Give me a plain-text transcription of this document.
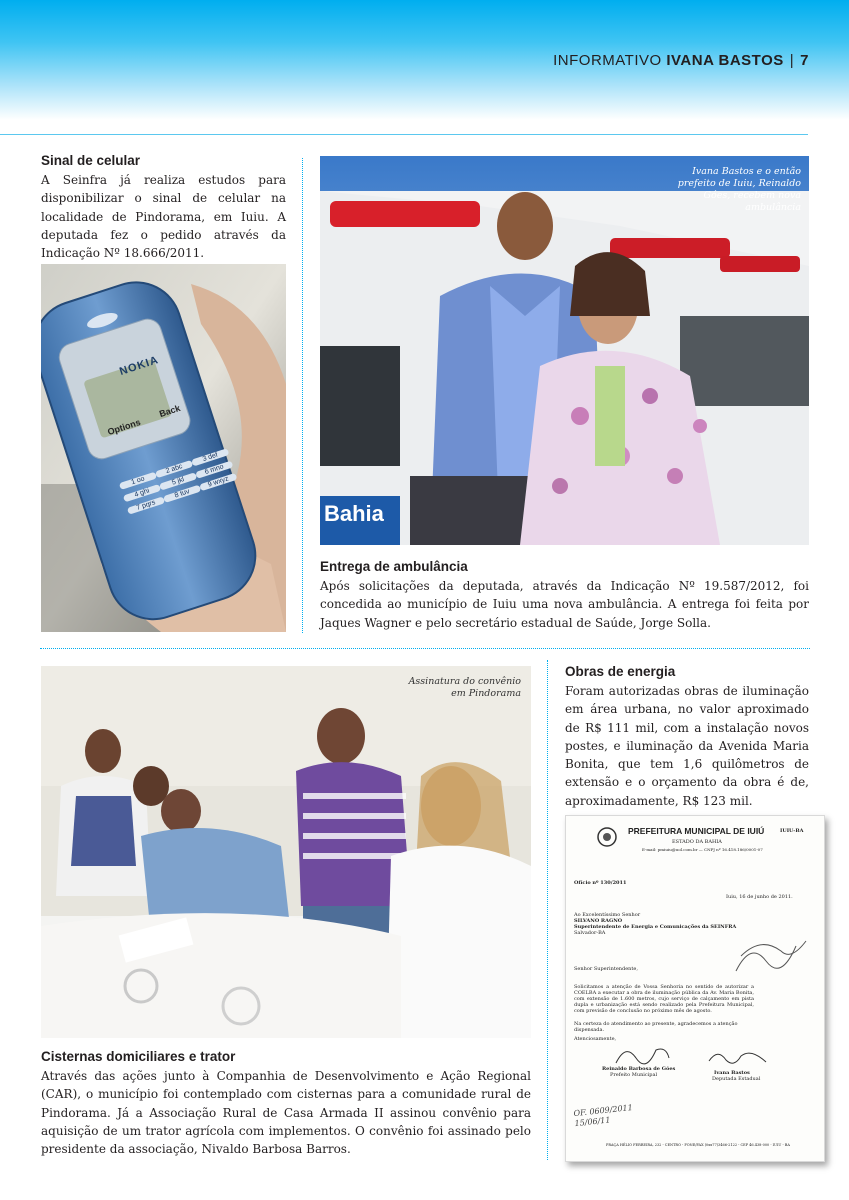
INFORMATIVO IVANA BASTOS | 7
Sinal de celular

A Seinfra já realiza estudos para disponibilizar o sinal de celular na localidade de Pindorama, em Iuiu. A deputada fez o pedido através da Indicação Nº 18.666/2011.

NOKIA
Options
Back
1 oo
2 abc
3 def
4 ghi
5 jkl
6 mno
7 pqrs
8 tuv
9 wxyz
Ivana Bastos e o então prefeito de Iuiu, Reinaldo Góes, recebem nova ambulância
Bahia
Entrega de ambulância

Após solicitações da deputada, através da Indicação Nº 19.587/2012, foi concedida ao município de Iuiu uma nova ambulância. A entrega foi feita por Jaques Wagner e pelo secretário estadual de Saúde, Jorge Solla.

Assinatura do convênio em Pindorama
Cisternas domiciliares e trator

Através das ações junto à Companhia de Desenvolvimento e Ação Regional (CAR), o município foi contemplado com cisternas para a comunidade rural de Pindorama. Já a Associação Rural de Casa Armada II assinou convênio para aquisição de um trator agrícola com implementos. O convênio foi assinado pelo presidente da associação, Nivaldo Barbosa Barros.

Obras de energia

Foram autorizadas obras de iluminação em área urbana, no valor aproximado de R$ 111 mil, com a instalação novos postes, e iluminação da Avenida Maria Bonita, que tem 1,6 quilômetros de extensão e o orçamento da obra é de, aproximadamente, R$ 123 mil.

PREFEITURA MUNICIPAL DE IUIÚ
ESTADO DA BAHIA
E-mail: pmiuiu@uol.com.br — CNPJ nº 16.418.186/0001-07
IUIU-BA
Ofício nº 130/2011
Iuiu, 16 de junho de 2011.
Ao Excelentíssimo Senhor
SILVANO RAGNO
Superintendente de Energia e Comunicações da SEINFRA
Salvador-BA
Senhor Superintendente,
Solicitamos a atenção de Vossa Senhoria no sentido de autorizar a COELBA a executar a obra de iluminação pública da Av. Maria Bonita, com extensão de 1.600 metros, cujo serviço de calçamento em pista dupla e urbanização está sendo realizado pela Prefeitura Municipal, com previsão de conclusão no próximo mês de agosto.
Na certeza do atendimento ao presente, agradecemos a atenção dispensada.
Atenciosamente,
Reinaldo Barbosa de Góes
Prefeito Municipal	Ivana Bastos
Deputada Estadual
OF. 0609/2011 15/06/11
PRAÇA HÉLIO FERREIRA, 232 - CENTRO - FONE/FAX (0xx77)3466-2122 - CEP 46.438-000 - IUIU - BA
